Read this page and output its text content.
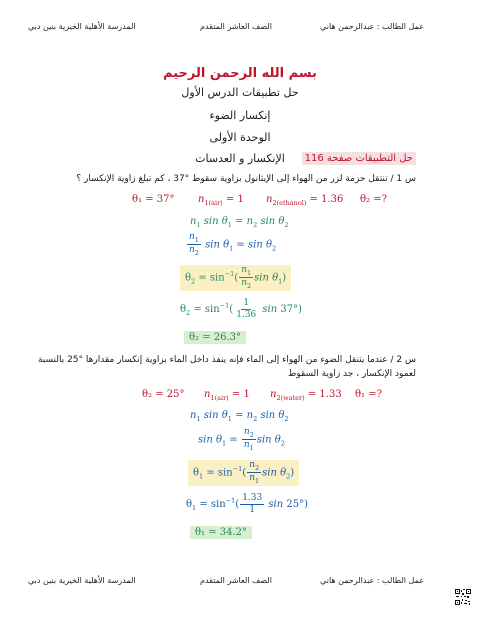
عمل الطالب : عبدالرحمن هاني
الصف العاشر المتقدم
المدرسة الأهلية الخيرية بنين دبي
بسم الله الرحمن الرحيم
حل تطبيقات الدرس الأول
إنكسار الضوء
الوحدة الأولى
الإنكسار و العدسات	حل التطبيقات صفحة 116
س 1 / تنتقل حزمة لزر من الهواء إلى الإيثانول بزاوية سقوط °37 ، كم تبلغ زاوية الإنكسار ؟
θ₁ = 37° $n_{1(air)} = 1$ $n_{2(ethanol)} = 1.36$ θ₂ =?
$n_1$ $\sin \theta_1 = n_2$ $\sin \theta_2$
$\frac{n_1}{n_2}$ $\sin \theta_1 = \sin \theta_2$
$\theta_2 = \sin^{-1}( \frac{n_1}{n_2}$ $\sin \theta_1$)
$\theta_2 = \sin^{-1}( \frac{1}{1.36}$ sin 37°)
θ₂ = 26.3°
س 2 / عندما يتنقل الضوء من الهواء إلى الماء فإنه ينفذ داخل الماء بزاوية إنكسار مقدارها °25 بالنسبة
لعمود الإنكسار ، جد زاوية السقوط
θ₂ = 25° $n_{1(air)} = 1$ $n_{2(water)} = 1.33$ θ₁ =?
$n_1$ $\sin \theta_1 = n_2$ $\sin \theta_2$
$\sin \theta_1 = \frac{n_2}{n_1}$ $\sin \theta_2$
$\theta_1 = \sin^{-1}( \frac{n_2}{n_1}$ $\sin \theta_2$)
$\theta_1 = \sin^{-1}( \frac{1.33}{1}$ sin 25°)
θ₁ = 34.2°
عمل الطالب : عبدالرحمن هاني
الصف العاشر المتقدم
المدرسة الأهلية الخيرية بنين دبي
